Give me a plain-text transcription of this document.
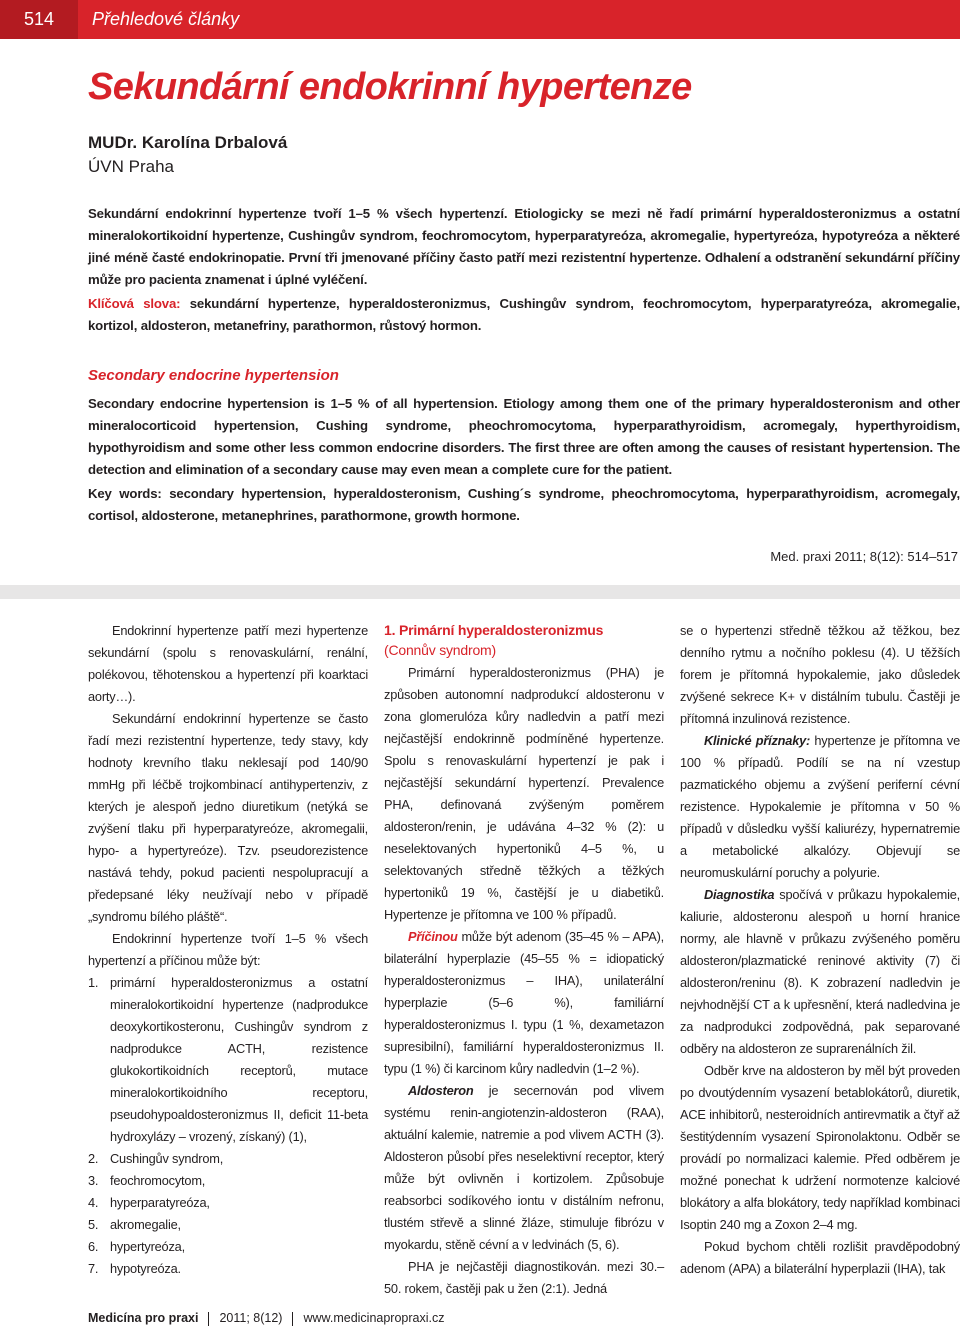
514	Přehledové články
Sekundární endokrinní hypertenze
MUDr. Karolína Drbalová
ÚVN Praha

Sekundární endokrinní hypertenze tvoří 1–5 % všech hypertenzí. Etiologicky se mezi ně řadí primární hyperaldosteronizmus a ostatní mineralokortikoidní hypertenze, Cushingův syndrom, feochromocytom, hyperparatyreóza, akromegalie, hypertyreóza, hypotyreóza a některé jiné méně časté endokrinopatie. První tři jmenované příčiny často patří mezi rezistentní hypertenze. Odhalení a odstranění sekundární příčiny může pro pacienta znamenat i úplné vyléčení.

Klíčová slova: sekundární hypertenze, hyperaldosteronizmus, Cushingův syndrom, feochromocytom, hyperparatyreóza, akromegalie, kortizol, aldosteron, metanefriny, parathormon, růstový hormon.

Secondary endocrine hypertension

Secondary endocrine hypertension is 1–5 % of all hypertension. Etiology among them one of the primary hyperaldosteronism and other mineralocorticoid hypertension, Cushing syndrome, pheochromocytoma, hyperparathyroidism, acromegaly, hyperthyroidism, hypothyroidism and some other less common endocrine disorders. The first three are often among the causes of resistant hypertension. The detection and elimination of a secondary cause may even mean a complete cure for the patient.

Key words: secondary hypertension, hyperaldosteronism, Cushing´s syndrome, pheochromocytoma, hyperparathyroidism, acromegaly, cortisol, aldosterone, metanephrines, parathormone, growth hormone.

Med. praxi 2011; 8(12): 514–517

Endokrinní hypertenze patří mezi hypertenze sekundární (spolu s renovaskulární, renální, polékovou, těhotenskou a hypertenzí při koarktaci aorty…).

Sekundární endokrinní hypertenze se často řadí mezi rezistentní hypertenze, tedy stavy, kdy hodnoty krevního tlaku neklesají pod 140/90 mmHg při léčbě trojkombinací antihypertenziv, z kterých je alespoň jedno diuretikum (netýká se zvýšení tlaku při hyperparatyreóze, akromegalii, hypo- a hypertyreóze). Tzv. pseudorezistence nastává tehdy, pokud pacienti nespolupracují a předepsané léky neužívají nebo v případě „syndromu bílého pláště“.

Endokrinní hypertenze tvoří 1–5 % všech hypertenzí a příčinou může být:

1. primární hyperaldosteronizmus a ostatní mineralokortikoidní hypertenze (nadprodukce deoxykortikosteronu, Cushingův syndrom z nadprodukce ACTH, rezistence glukokortikoidních receptorů, mutace mineralokortikoidního receptoru, pseudohypoaldosteronizmus II, deficit 11-beta hydroxylázy – vrozený, získaný) (1),
2. Cushingův syndrom,
3. feochromocytom,
4. hyperparatyreóza,
5. akromegalie,
6. hypertyreóza,
7. hypotyreóza.
1. Primární hyperaldosteronizmus
(Connův syndrom)

Primární hyperaldosteronizmus (PHA) je způsoben autonomní nadprodukcí aldosteronu v zona glomerulóza kůry nadledvin a patří mezi nejčastější endokrinně podmíněné hypertenze. Spolu s renovaskulární hypertenzí je pak i nejčastější sekundární hypertenzí. Prevalence PHA, definovaná zvýšeným poměrem aldosteron/renin, je udávána 4–32 % (2): u neselektovaných hypertoniků 4–5 %, u selektovaných středně těžkých a těžkých hypertoniků 19 %, častější je u diabetiků. Hypertenze je přítomna ve 100 % případů.

Příčinou může být adenom (35–45 % – APA), bilaterální hyperplazie (45–55 % = idiopatický hyperaldosteronizmus – IHA), unilaterální hyperplazie (5–6 %), familiární hyperaldosteronizmus I. typu (1 %, dexametazon supresibilní), familiární hyperaldosteronizmus II. typu (1 %) či karcinom kůry nadledvin (1–2 %).

Aldosteron je secernován pod vlivem systému renin-angiotenzin-aldosteron (RAA), aktuální kalemie, natremie a pod vlivem ACTH (3). Aldosteron působí přes neselektivní receptor, který může být ovlivněn i kortizolem. Způsobuje reabsorbci sodíkového iontu v distálním nefronu, tlustém střevě a slinné žláze, stimuluje fibrózu v myokardu, stěně cévní a v ledvinách (5, 6).

PHA je nejčastěji diagnostikován. mezi 30.–50. rokem, častěji pak u žen (2:1). Jedná

se o hypertenzi středně těžkou až těžkou, bez denního rytmu a nočního poklesu (4). U těžších forem je přítomná hypokalemie, jako důsledek zvýšené sekrece K+ v distálním tubulu. Častěji je přítomná inzulinová rezistence.

Klinické příznaky: hypertenze je přítomna ve 100 % případů. Podílí se na ní vzestup pazmatického objemu a zvýšení periferní cévní rezistence. Hypokalemie je přítomna v 50 % případů v důsledku vyšší kaliurézy, hypernatremie a metabolické alkalózy. Objevují se neuromuskulární poruchy a polyurie.

Diagnostika spočívá v průkazu hypokalemie, kaliurie, aldosteronu alespoň u horní hranice normy, ale hlavně v průkazu zvýšeného poměru aldosteron/plazmatické reninové aktivity (7) či aldosteron/reninu (8). K zobrazení nadledvin je nejvhodnější CT a k upřesnění, která nadledvina je za nadprodukci zodpovědná, pak separované odběry na aldosteron ze suprarenálních žil.

Odběr krve na aldosteron by měl být proveden po dvoutýdenním vysazení betablokátorů, diuretik, ACE inhibitorů, nesteroidních antirevmatik a čtyř až šestitýdenním vysazení Spironolaktonu. Odběr se provádí po normalizaci kalemie. Před odběrem je možné ponechat k udržení normotenze kalciové blokátory a alfa blokátory, tedy například kombinaci Isoptin 240 mg a Zoxon 2–4 mg.

Pokud bychom chtěli rozlišit pravděpodobný adenom (APA) a bilaterální hyperplazii (IHA), tak

Medicína pro praxi 2011; 8(12) www.medicinapropraxi.cz
